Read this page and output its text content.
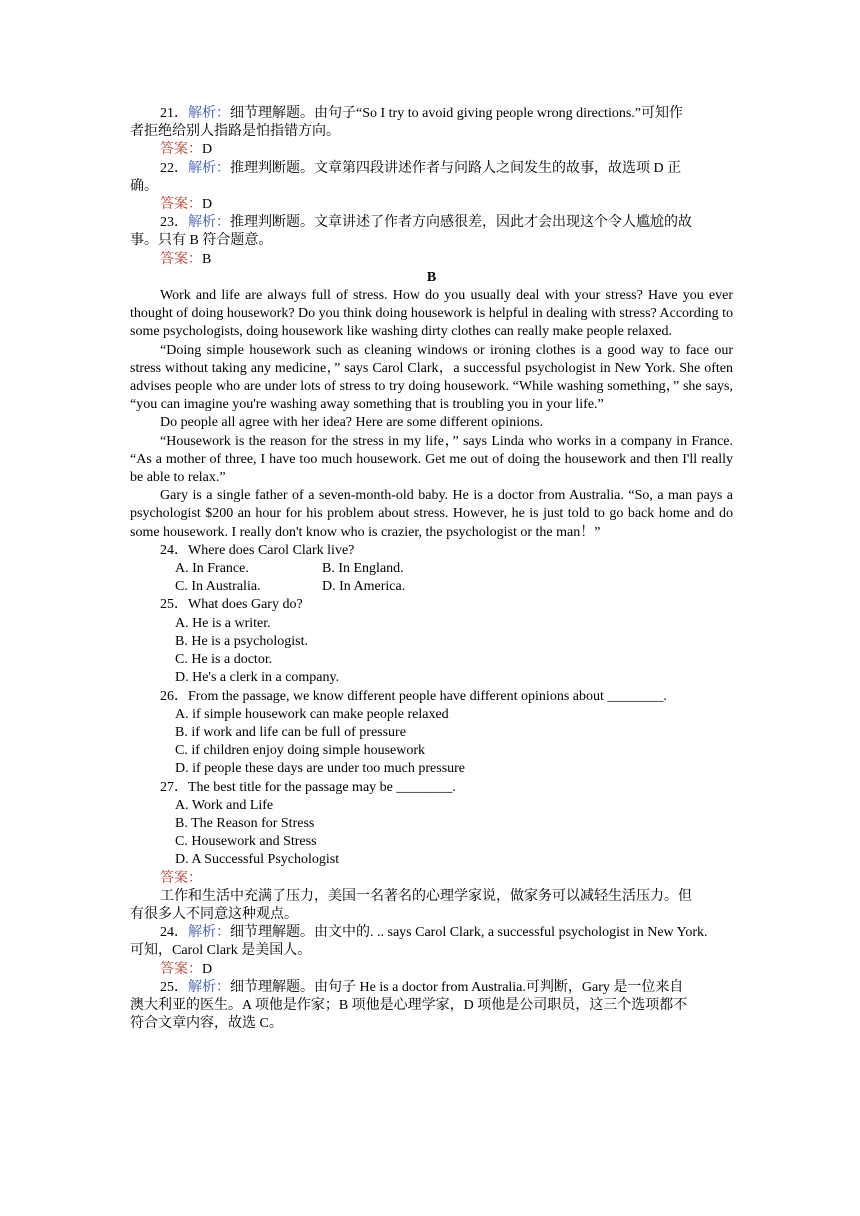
21．解析：细节理解题。由句子“So I try to avoid giving people wrong directions.”可知作

者拒绝给别人指路是怕指错方向。

答案：D

22．解析：推理判断题。文章第四段讲述作者与问路人之间发生的故事，故选项 D 正

确。

答案：D

23．解析：推理判断题。文章讲述了作者方向感很差，因此才会出现这个令人尴尬的故

事。只有 B 符合题意。

答案：B

B

Work and life are always full of stress. How do you usually deal with your stress? Have you ever thought of doing housework? Do you think doing housework is helpful in dealing with stress? According to some psychologists, doing housework like washing dirty clothes can really make people relaxed.

“Doing simple housework such as cleaning windows or ironing clothes is a good way to face our stress without taking any medicine，” says Carol Clark，a successful psychologist in New York. She often advises people who are under lots of stress to try doing housework. “While washing something，” she says, “you can imagine you're washing away something that is troubling you in your life.”

Do people all agree with her idea? Here are some different opinions.

“Housework is the reason for the stress in my life，” says Linda who works in a company in France. “As a mother of three, I have too much housework. Get me out of doing the housework and then I'll really be able to relax.”

Gary is a single father of a seven-month-old baby. He is a doctor from Australia. “So, a man pays a psychologist $200 an hour for his problem about stress. However, he is just told to go back home and do some housework. I really don't know who is crazier, the psychologist or the man！”

24．Where does Carol Clark live?

A. In France.	B. In England.

C. In Australia.	D. In America.

25．What does Gary do?

A. He is a writer.

B. He is a psychologist.

C. He is a doctor.

D. He's a clerk in a company.

26．From the passage, we know different people have different opinions about ________.

A. if simple housework can make people relaxed

B. if work and life can be full of pressure

C. if children enjoy doing simple housework

D. if people these days are under too much pressure

27．The best title for the passage may be ________.

A. Work and Life

B. The Reason for Stress

C. Housework and Stress

D. A Successful Psychologist

答案：

工作和生活中充满了压力，美国一名著名的心理学家说，做家务可以减轻生活压力。但

有很多人不同意这种观点。

24．解析：细节理解题。由文中的. .. says Carol Clark, a successful psychologist in New York.

可知，Carol Clark 是美国人。

答案：D

25．解析：细节理解题。由句子 He is a doctor from Australia.可判断，Gary 是一位来自

澳大利亚的医生。A 项他是作家；B 项他是心理学家，D 项他是公司职员，这三个选项都不

符合文章内容，故选 C。
